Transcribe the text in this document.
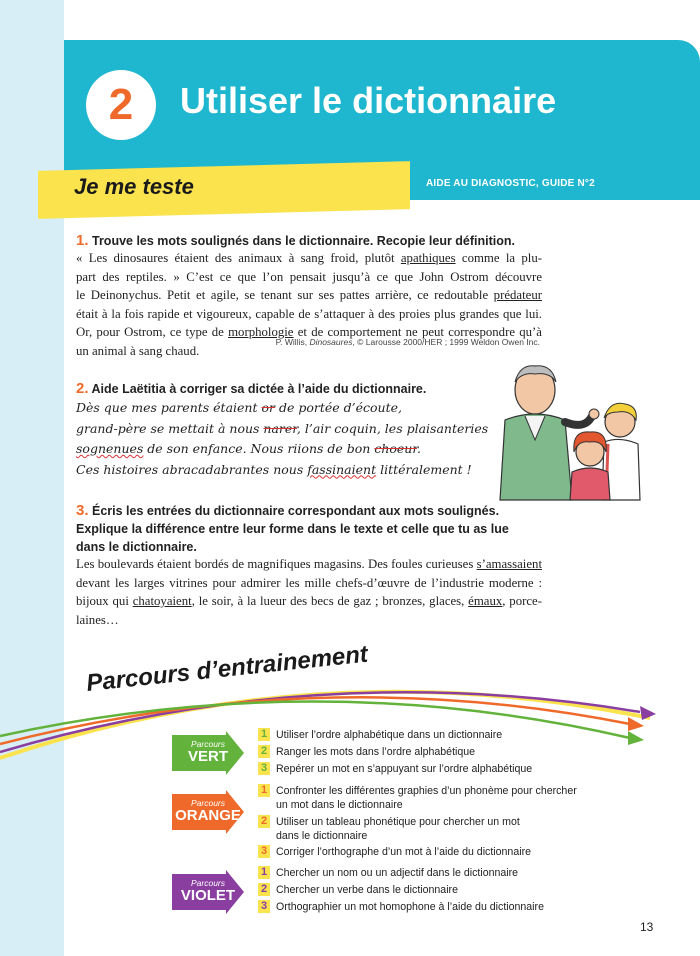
2	Utiliser le dictionnaire
Je me teste	AIDE AU DIAGNOSTIC, GUIDE N°2
1. Trouve les mots soulignés dans le dictionnaire. Recopie leur définition.
« Les dinosaures étaient des animaux à sang froid, plutôt apathiques comme la plu-
part des reptiles. » C’est ce que l’on pensait jusqu’à ce que John Ostrom découvre
le Deinonychus. Petit et agile, se tenant sur ses pattes arrière, ce redoutable prédateur
était à la fois rapide et vigoureux, capable de s’attaquer à des proies plus grandes que lui.
Or, pour Ostrom, ce type de morphologie et de comportement ne peut correspondre qu’à
un animal à sang chaud.
P. Willis, Dinosaures, © Larousse 2000/HER ; 1999 Weldon Owen Inc.
2. Aide Laëtitia à corriger sa dictée à l’aide du dictionnaire.
Dès que mes parents étaient or de portée d’écoute,
grand-père se mettait à nous narer, l’air coquin, les plaisanteries
sognenues de son enfance. Nous riions de bon choeur.
Ces histoires abracadabrantes nous fassinaient littéralement !
3. Écris les entrées du dictionnaire correspondant aux mots soulignés.
Explique la différence entre leur forme dans le texte et celle que tu as lue
dans le dictionnaire.
Les boulevards étaient bordés de magnifiques magasins. Des foules curieuses s’amassaient
devant les larges vitrines pour admirer les mille chefs-d’œuvre de l’industrie moderne :
bijoux qui chatoyaient, le soir, à la lueur des becs de gaz ; bronzes, glaces, émaux, porce-
laines…
Parcours d’entrainement
Parcours
VERT
Parcours
ORANGE
Parcours
VIOLET
1 Utiliser l’ordre alphabétique dans un dictionnaire
2 Ranger les mots dans l’ordre alphabétique
3 Repérer un mot en s’appuyant sur l’ordre alphabétique
1 Confronter les différentes graphies d’un phonème pour chercher
un mot dans le dictionnaire
2 Utiliser un tableau phonétique pour chercher un mot
dans le dictionnaire
3 Corriger l’orthographe d’un mot à l’aide du dictionnaire
1 Chercher un nom ou un adjectif dans le dictionnaire
2 Chercher un verbe dans le dictionnaire
3 Orthographier un mot homophone à l’aide du dictionnaire
13
